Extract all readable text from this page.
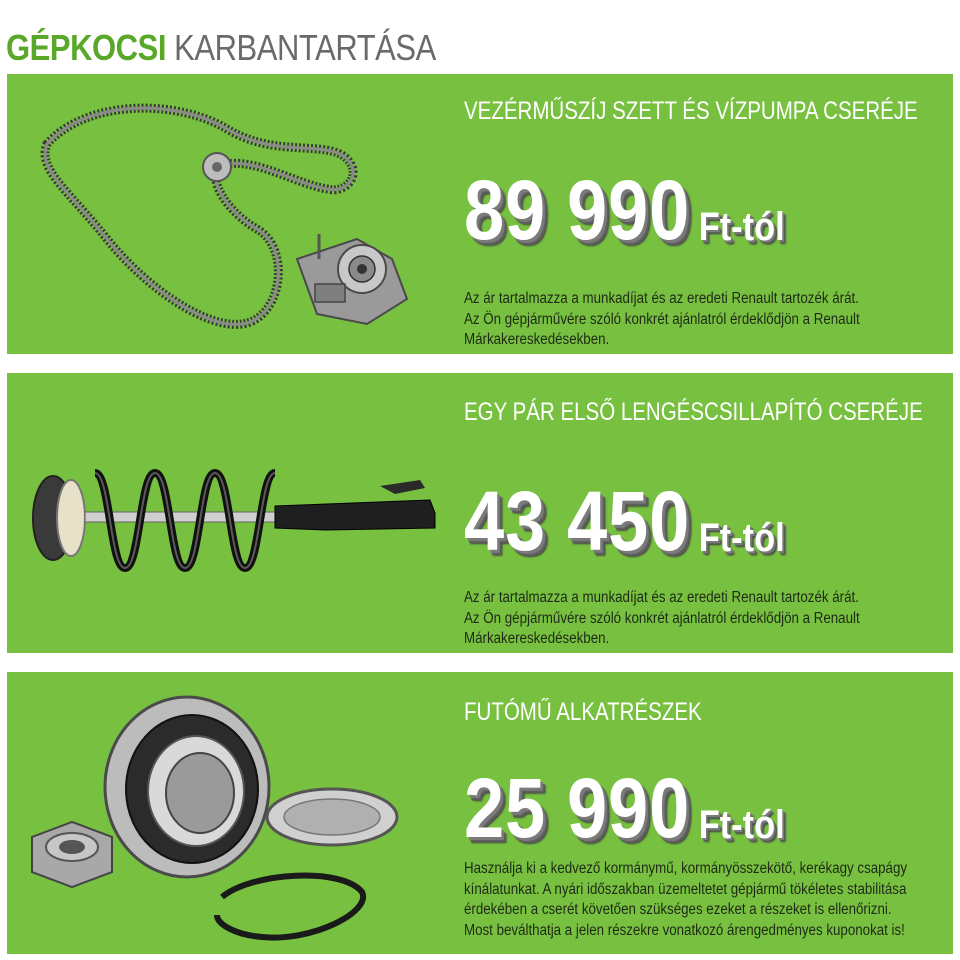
GÉPKOCSI KARBANTARTÁSA
VEZÉRMŰSZÍJ SZETT ÉS VÍZPUMPA CSERÉJE
89 990 Ft-tól

Az ár tartalmazza a munkadíjat és az eredeti Renault tartozék árát.

Az Ön gépjárművére szóló konkrét ajánlatról érdeklődjön a Renault

Márkakereskedésekben.

EGY PÁR ELSŐ LENGÉSCSILLAPÍTÓ CSERÉJE
43 450 Ft-tól

Az ár tartalmazza a munkadíjat és az eredeti Renault tartozék árát.

Az Ön gépjárművére szóló konkrét ajánlatról érdeklődjön a Renault

Márkakereskedésekben.

FUTÓMŰ ALKATRÉSZEK
25 990 Ft-tól

Használja ki a kedvező kormánymű, kormányösszekötő, kerékagy csapágy

kínálatunkat. A nyári időszakban üzemeltetet gépjármű tökéletes stabilitása

érdekében a cserét követően szükséges ezeket a részeket is ellenőrizni.

Most beválthatja a jelen részekre vonatkozó árengedményes kuponokat is!
